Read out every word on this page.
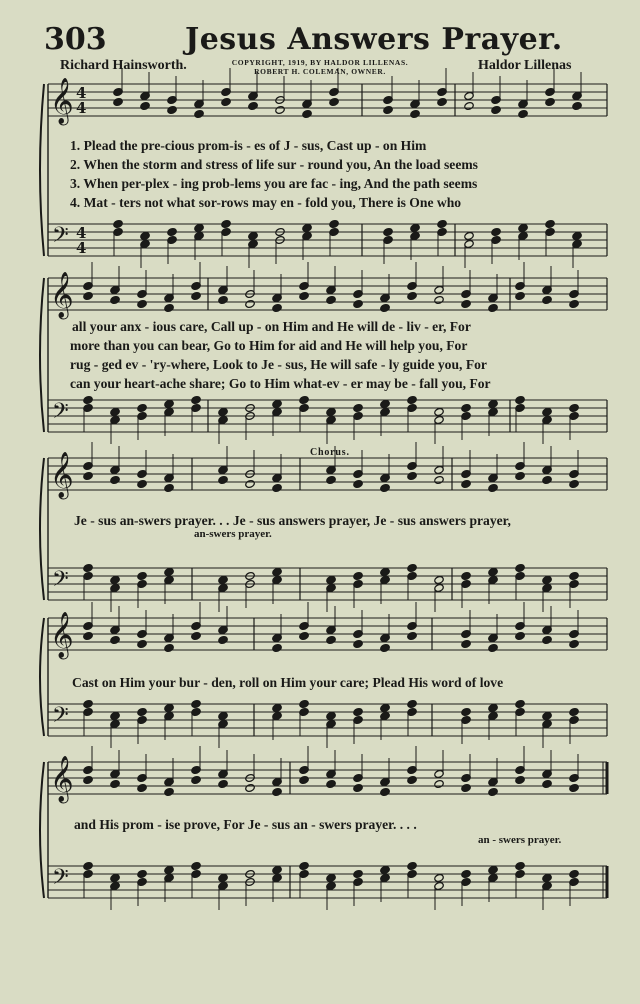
303	Jesus Answers Prayer.
Richard Hainsworth.	COPYRIGHT, 1919, BY HALDOR LILLENAS.
ROBERT H. COLEMAN, OWNER.	Haldor Lillenas
𝄞
𝄢
4
4
4
4
𝄞
𝄢
𝄞
𝄢
𝄞
𝄢
𝄞
𝄢
1. Plead the pre-cious prom-is - es of J - sus, Cast up - on Him
2. When the storm and stress of life sur - round you, An the load seems
3. When per-plex - ing prob-lems you are fac - ing, And the path seems
4. Mat - ters not what sor-rows may en - fold you, There is One who
all your anx - ious care, Call up - on Him and He will de - liv - er, For
more than you can bear, Go to Him for aid and He will help you, For
rug - ged ev - 'ry-where, Look to Je - sus, He will safe - ly guide you, For
can your heart-ache share; Go to Him what-ev - er may be - fall you, For
Chorus.
Je - sus an-swers prayer. . . Je - sus answers prayer, Je - sus answers prayer,
an-swers prayer.
Cast on Him your bur - den, roll on Him your care; Plead His word of love
and His prom - ise prove, For Je - sus an - swers prayer. . . .
an - swers prayer.
